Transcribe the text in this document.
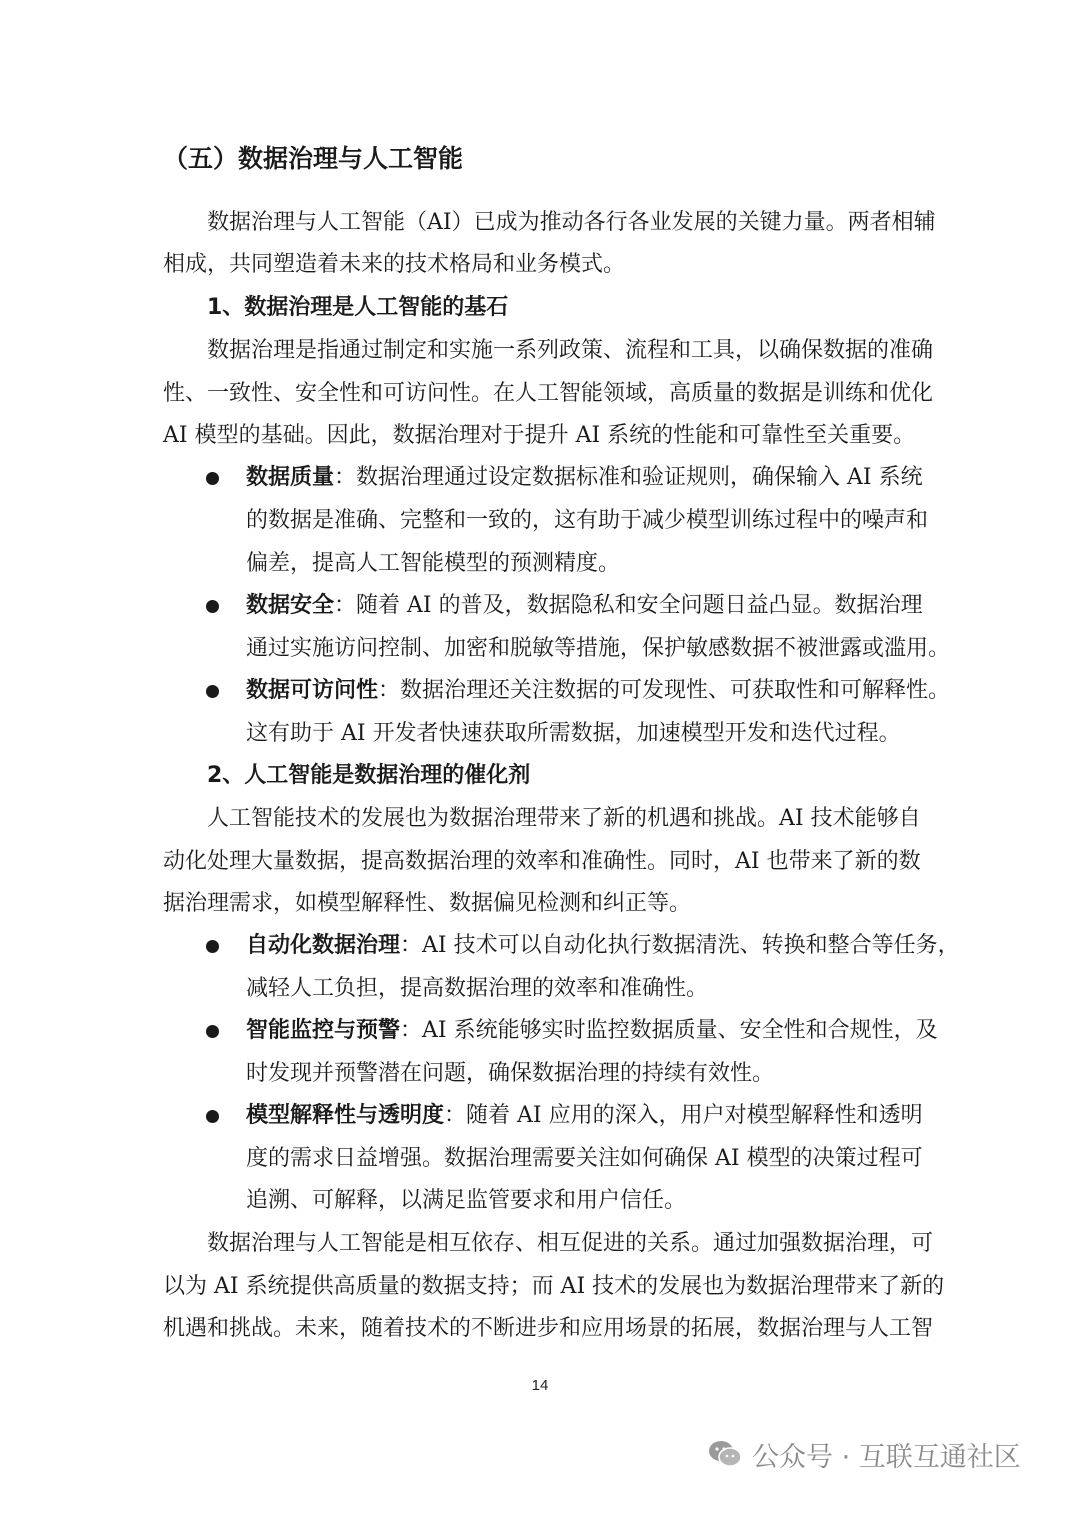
（五）数据治理与人工智能
数据治理与人工智能（AI）已成为推动各行各业发展的关键力量。两者相辅
相成，共同塑造着未来的技术格局和业务模式。
1、数据治理是人工智能的基石
数据治理是指通过制定和实施一系列政策、流程和工具，以确保数据的准确
性、一致性、安全性和可访问性。在人工智能领域，高质量的数据是训练和优化
AI 模型的基础。因此，数据治理对于提升 AI 系统的性能和可靠性至关重要。
数据质量：数据治理通过设定数据标准和验证规则，确保输入 AI 系统
的数据是准确、完整和一致的，这有助于减少模型训练过程中的噪声和
偏差，提高人工智能模型的预测精度。
数据安全：随着 AI 的普及，数据隐私和安全问题日益凸显。数据治理
通过实施访问控制、加密和脱敏等措施，保护敏感数据不被泄露或滥用。
数据可访问性：数据治理还关注数据的可发现性、可获取性和可解释性。
这有助于 AI 开发者快速获取所需数据，加速模型开发和迭代过程。
2、人工智能是数据治理的催化剂
人工智能技术的发展也为数据治理带来了新的机遇和挑战。AI 技术能够自
动化处理大量数据，提高数据治理的效率和准确性。同时，AI 也带来了新的数
据治理需求，如模型解释性、数据偏见检测和纠正等。
自动化数据治理：AI 技术可以自动化执行数据清洗、转换和整合等任务，
减轻人工负担，提高数据治理的效率和准确性。
智能监控与预警：AI 系统能够实时监控数据质量、安全性和合规性，及
时发现并预警潜在问题，确保数据治理的持续有效性。
模型解释性与透明度：随着 AI 应用的深入，用户对模型解释性和透明
度的需求日益增强。数据治理需要关注如何确保 AI 模型的决策过程可
追溯、可解释，以满足监管要求和用户信任。
数据治理与人工智能是相互依存、相互促进的关系。通过加强数据治理，可
以为 AI 系统提供高质量的数据支持；而 AI 技术的发展也为数据治理带来了新的
机遇和挑战。未来，随着技术的不断进步和应用场景的拓展，数据治理与人工智
14
公众号 · 互联互通社区
